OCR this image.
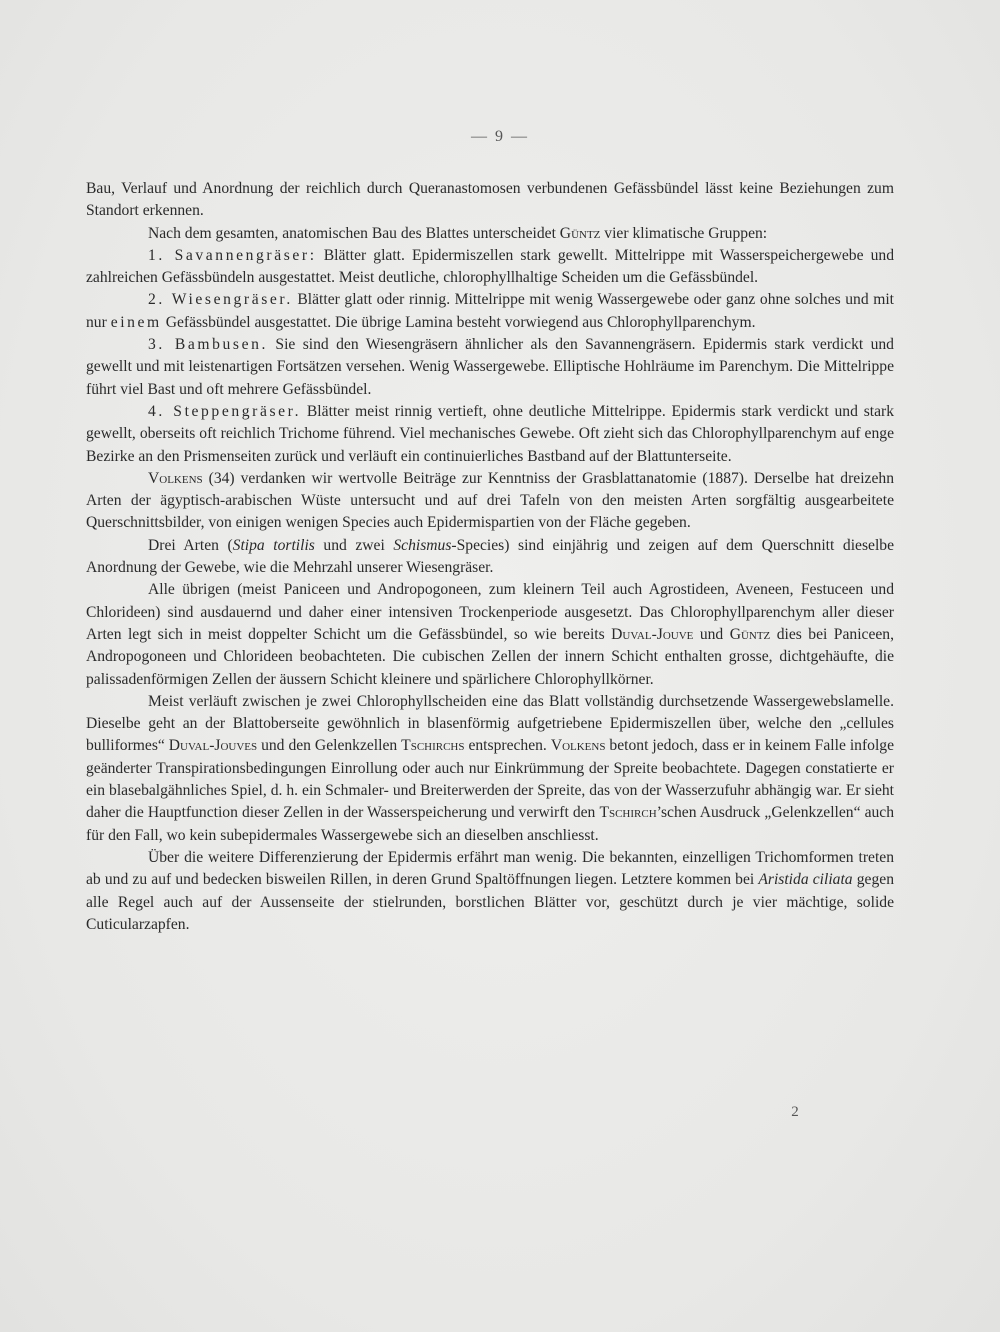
— 9 —

Bau, Verlauf und Anordnung der reichlich durch Queranastomosen verbundenen Gefässbündel lässt keine Beziehungen zum Standort erkennen.

Nach dem gesamten, anatomischen Bau des Blattes unterscheidet Güntz vier klimatische Gruppen:

1. Savannengräser: Blätter glatt. Epidermiszellen stark gewellt. Mittelrippe mit Wasserspeichergewebe und zahlreichen Gefässbündeln ausgestattet. Meist deutliche, chlorophyllhaltige Scheiden um die Gefässbündel.

2. Wiesengräser. Blätter glatt oder rinnig. Mittelrippe mit wenig Wassergewebe oder ganz ohne solches und mit nur einem Gefässbündel ausgestattet. Die übrige Lamina besteht vorwiegend aus Chlorophyllparenchym.

3. Bambusen. Sie sind den Wiesengräsern ähnlicher als den Savannengräsern. Epidermis stark verdickt und gewellt und mit leistenartigen Fortsätzen versehen. Wenig Wassergewebe. Elliptische Hohlräume im Parenchym. Die Mittelrippe führt viel Bast und oft mehrere Gefässbündel.

4. Steppengräser. Blätter meist rinnig vertieft, ohne deutliche Mittelrippe. Epidermis stark verdickt und stark gewellt, oberseits oft reichlich Trichome führend. Viel mechanisches Gewebe. Oft zieht sich das Chlorophyllparenchym auf enge Bezirke an den Prismenseiten zurück und verläuft ein continuierliches Bastband auf der Blattunterseite.

Volkens (34) verdanken wir wertvolle Beiträge zur Kenntniss der Grasblattanatomie (1887). Derselbe hat dreizehn Arten der ägyptisch-arabischen Wüste untersucht und auf drei Tafeln von den meisten Arten sorgfältig ausgearbeitete Querschnittsbilder, von einigen wenigen Species auch Epidermispartien von der Fläche gegeben.

Drei Arten (Stipa tortilis und zwei Schismus-Species) sind einjährig und zeigen auf dem Querschnitt dieselbe Anordnung der Gewebe, wie die Mehrzahl unserer Wiesengräser.

Alle übrigen (meist Paniceen und Andropogoneen, zum kleinern Teil auch Agrostideen, Aveneen, Festuceen und Chlorideen) sind ausdauernd und daher einer intensiven Trockenperiode ausgesetzt. Das Chlorophyllparenchym aller dieser Arten legt sich in meist doppelter Schicht um die Gefässbündel, so wie bereits Duval-Jouve und Güntz dies bei Paniceen, Andropogoneen und Chlorideen beobachteten. Die cubischen Zellen der innern Schicht enthalten grosse, dichtgehäufte, die palissadenförmigen Zellen der äussern Schicht kleinere und spärlichere Chlorophyllkörner.

Meist verläuft zwischen je zwei Chlorophyllscheiden eine das Blatt vollständig durchsetzende Wassergewebslamelle. Dieselbe geht an der Blattoberseite gewöhnlich in blasenförmig aufgetriebene Epidermiszellen über, welche den „cellules bulliformes“ Duval-Jouves und den Gelenkzellen Tschirchs entsprechen. Volkens betont jedoch, dass er in keinem Falle infolge geänderter Transpirationsbedingungen Einrollung oder auch nur Einkrümmung der Spreite beobachtete. Dagegen constatierte er ein blasebalgähnliches Spiel, d. h. ein Schmaler- und Breiterwerden der Spreite, das von der Wasserzufuhr abhängig war. Er sieht daher die Hauptfunction dieser Zellen in der Wasserspeicherung und verwirft den Tschirch’schen Ausdruck „Gelenkzellen“ auch für den Fall, wo kein subepidermales Wassergewebe sich an dieselben anschliesst.

Über die weitere Differenzierung der Epidermis erfährt man wenig. Die bekannten, einzelligen Trichomformen treten ab und zu auf und bedecken bisweilen Rillen, in deren Grund Spaltöffnungen liegen. Letztere kommen bei Aristida ciliata gegen alle Regel auch auf der Aussenseite der stielrunden, borstlichen Blätter vor, geschützt durch je vier mächtige, solide Cuticularzapfen.

2
